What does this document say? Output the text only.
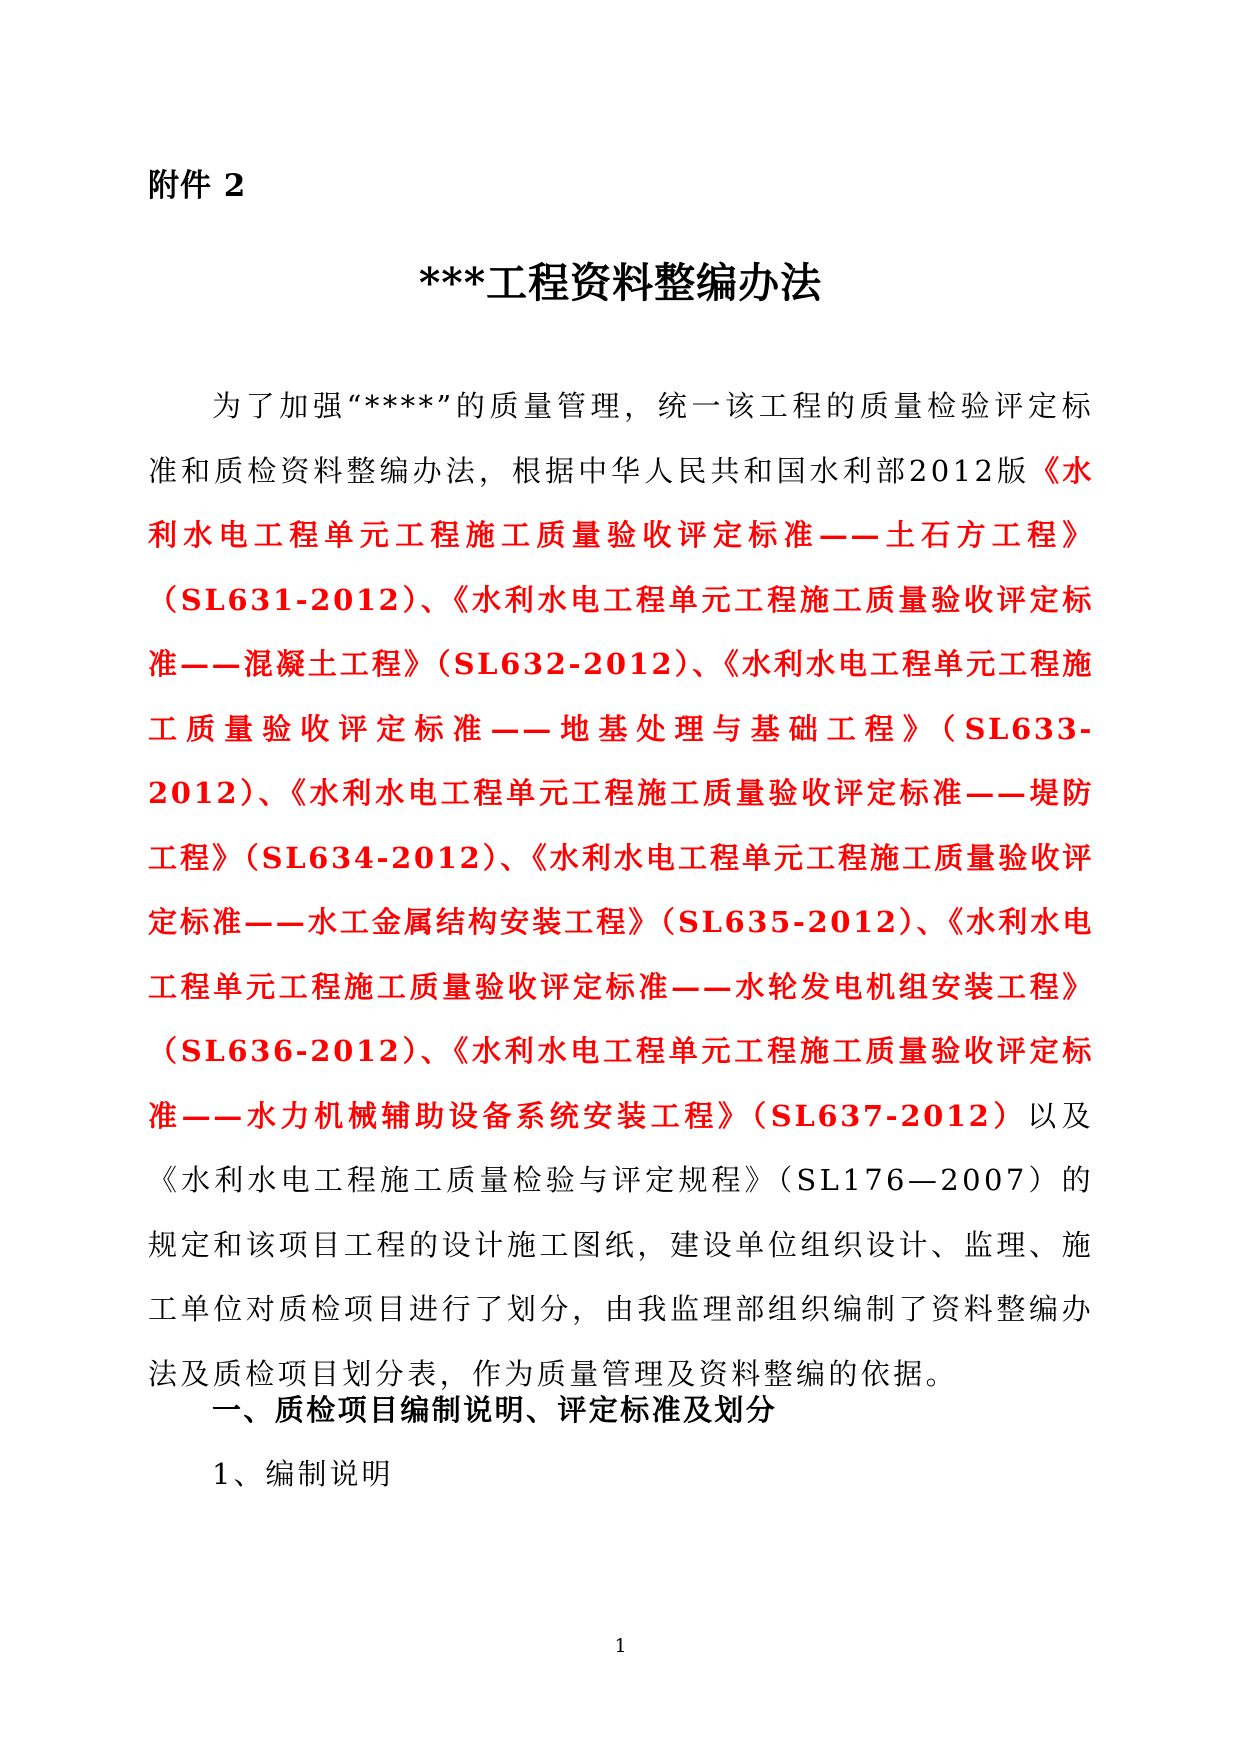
附件 2
***工程资料整编办法

为了加强“****”的质量管理，统一该工程的质量检验评定标准和质检资料整编办法，根据中华人民共和国水利部2012版《水利水电工程单元工程施工质量验收评定标准——土石方工程》（SL631-2012）、《水利水电工程单元工程施工质量验收评定标准——混凝土工程》（SL632-2012）、《水利水电工程单元工程施工质量验收评定标准——地基处理与基础工程》（SL633-2012）、《水利水电工程单元工程施工质量验收评定标准——堤防工程》（SL634-2012）、《水利水电工程单元工程施工质量验收评定标准——水工金属结构安装工程》（SL635-2012）、《水利水电工程单元工程施工质量验收评定标准——水轮发电机组安装工程》（SL636-2012）、《水利水电工程单元工程施工质量验收评定标准——水力机械辅助设备系统安装工程》（SL637-2012）以及《水利水电工程施工质量检验与评定规程》（SL176—2007）的规定和该项目工程的设计施工图纸，建设单位组织设计、监理、施工单位对质检项目进行了划分，由我监理部组织编制了资料整编办法及质检项目划分表，作为质量管理及资料整编的依据。

一、质检项目编制说明、评定标准及划分
1、编制说明
1
